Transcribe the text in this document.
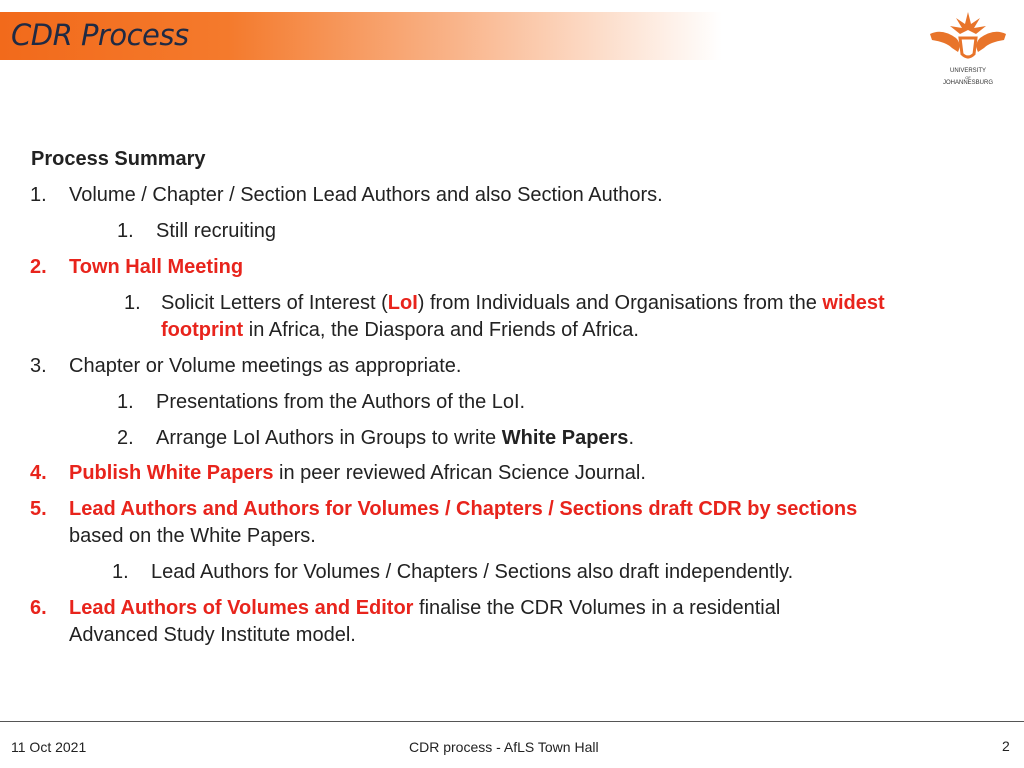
CDR Process
UNIVERSITY
OF
JOHANNESBURG
Process Summary
1. Volume / Chapter / Section Lead Authors and also Section Authors.
1. Still recruiting
2. Town Hall Meeting
1. Solicit Letters of Interest (LoI) from Individuals and Organisations from the widest
footprint in Africa, the Diaspora and Friends of Africa.
3. Chapter or Volume meetings as appropriate.
1. Presentations from the Authors of the LoI.
2. Arrange LoI Authors in Groups to write White Papers.
4. Publish White Papers in peer reviewed African Science Journal.
5. Lead Authors and Authors for Volumes / Chapters / Sections draft CDR by sections
based on the White Papers.
1. Lead Authors for Volumes / Chapters / Sections also draft independently.
6. Lead Authors of Volumes and Editor finalise the CDR Volumes in a residential
Advanced Study Institute model.
11 Oct 2021	CDR process - AfLS Town Hall	2
